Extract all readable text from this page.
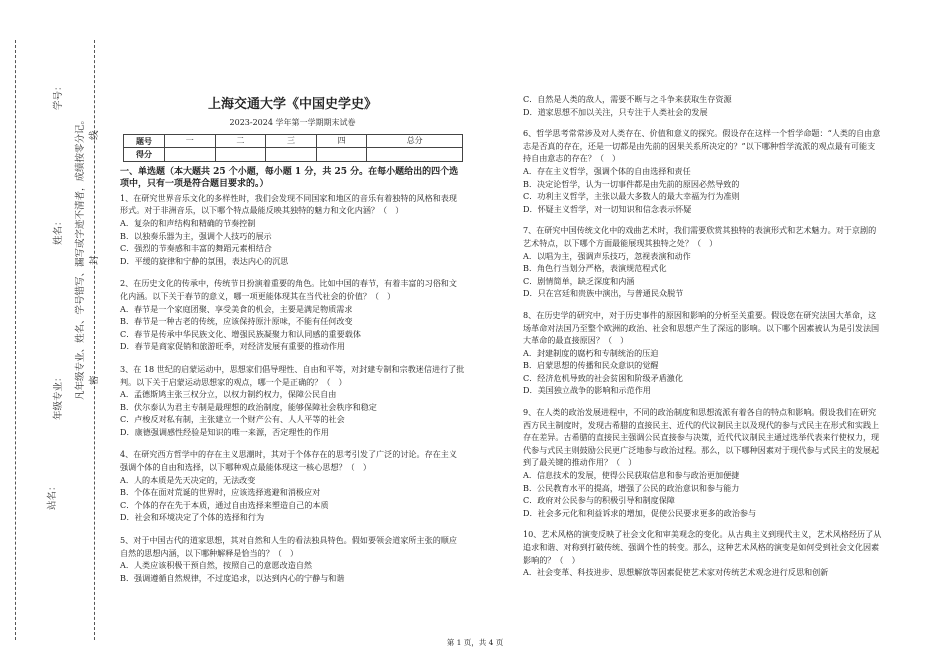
站名：
年级专业：	凡年级专业、姓名、学号错写、漏写或字迹不清者，成绩按零分记。
姓名：
学号：
密
封
线
上海交通大学《中国史学史》
2023-2024 学年第一学期期末试卷
题号	一	二	三	四	总分
得分					
一、单选题（本大题共 25 个小题，每小题 1 分，共 25 分。在每小题给出的四个选项中，只有一项是符合题目要求的。）
1、在研究世界音乐文化的多样性时，我们会发现不同国家和地区的音乐有着独特的风格和表现形式。对于非洲音乐，以下哪个特点最能反映其独特的魅力和文化内涵？（　）
A．复杂的和声结构和精确的节奏控制
B．以独奏乐器为主，强调个人技巧的展示
C．强烈的节奏感和丰富的舞蹈元素相结合
D．平缓的旋律和宁静的氛围，表达内心的沉思
2、在历史文化的传承中，传统节日扮演着重要的角色。比如中国的春节，有着丰富的习俗和文化内涵。以下关于春节的意义，哪一项更能体现其在当代社会的价值？（　）
A．春节是一个家庭团聚、享受美食的机会，主要是满足物质需求
B．春节是一种古老的传统，应该保持原汁原味，不能有任何改变
C．春节是传承中华民族文化、增强民族凝聚力和认同感的重要载体
D．春节是商家促销和旅游旺季，对经济发展有重要的推动作用
3、在 18 世纪的启蒙运动中，思想家们倡导理性、自由和平等，对封建专制和宗教迷信进行了批判。以下关于启蒙运动思想家的观点，哪一个是正确的？（　）
A．孟德斯鸠主张三权分立，以权力制约权力，保障公民自由
B．伏尔泰认为君主专制是最理想的政治制度，能够保障社会秩序和稳定
C．卢梭反对私有制，主张建立一个财产公有、人人平等的社会
D．康德强调感性经验是知识的唯一来源，否定理性的作用
4、在研究西方哲学中的存在主义思潮时，其对于个体存在的思考引发了广泛的讨论。存在主义强调个体的自由和选择，以下哪种观点最能体现这一核心思想？（　）
A．人的本质是先天决定的，无法改变
B．个体在面对荒诞的世界时，应该选择逃避和消极应对
C．个体的存在先于本质，通过自由选择来塑造自己的本质
D．社会和环境决定了个体的选择和行为
5、对于中国古代的道家思想，其对自然和人生的看法独具特色。假如要领会道家所主张的顺应自然的思想内涵，以下哪种解释是恰当的？（　）
A．人类应该积极干预自然，按照自己的意愿改造自然
B．强调遵循自然规律，不过度追求，以达到内心的宁静与和谐
C．自然是人类的敌人，需要不断与之斗争来获取生存资源
D．道家思想不加以关注，只专注于人类社会的发展
6、哲学思考常常涉及对人类存在、价值和意义的探究。假设存在这样一个哲学命题：“人类的自由意志是否真的存在，还是一切都是由先前的因果关系所决定的？”以下哪种哲学流派的观点最有可能支持自由意志的存在？（　）
A．存在主义哲学，强调个体的自由选择和责任
B．决定论哲学，认为一切事件都是由先前的原因必然导致的
C．功利主义哲学，主张以最大多数人的最大幸福为行为准则
D．怀疑主义哲学，对一切知识和信念表示怀疑
7、在研究中国传统文化中的戏曲艺术时，我们需要欣赏其独特的表演形式和艺术魅力。对于京剧的艺术特点，以下哪个方面最能展现其独特之处？（　）
A．以唱为主，强调声乐技巧，忽视表演和动作
B．角色行当划分严格，表演规范程式化
C．剧情简单，缺乏深度和内涵
D．只在宫廷和贵族中演出，与普通民众脱节
8、在历史学的研究中，对于历史事件的原因和影响的分析至关重要。假设您在研究法国大革命，这场革命对法国乃至整个欧洲的政治、社会和思想产生了深远的影响。以下哪个因素被认为是引发法国大革命的最直接原因？（　）
A．封建制度的腐朽和专制统治的压迫
B．启蒙思想的传播和民众意识的觉醒
C．经济危机导致的社会贫困和阶级矛盾激化
D．美国独立战争的影响和示范作用
9、在人类的政治发展进程中，不同的政治制度和思想流派有着各自的特点和影响。假设我们在研究西方民主制度时，发现古希腊的直接民主、近代的代议制民主以及现代的参与式民主在形式和实践上存在差异。古希腊的直接民主强调公民直接参与决策，近代代议制民主通过选举代表来行使权力，现代参与式民主则鼓励公民更广泛地参与政治过程。那么，以下哪种因素对于现代参与式民主的发展起到了最关键的推动作用？（　）
A．信息技术的发展，使得公民获取信息和参与政治更加便捷
B．公民教育水平的提高，增强了公民的政治意识和参与能力
C．政府对公民参与的积极引导和制度保障
D．社会多元化和利益诉求的增加，促使公民要求更多的政治参与
10、艺术风格的演变反映了社会文化和审美观念的变化。从古典主义到现代主义，艺术风格经历了从追求和谐、对称到打破传统、强调个性的转变。那么，这种艺术风格的演变是如何受到社会文化因素影响的？（　）
A．社会变革、科技进步、思想解放等因素促使艺术家对传统艺术观念进行反思和创新
第 1 页，共 4 页
